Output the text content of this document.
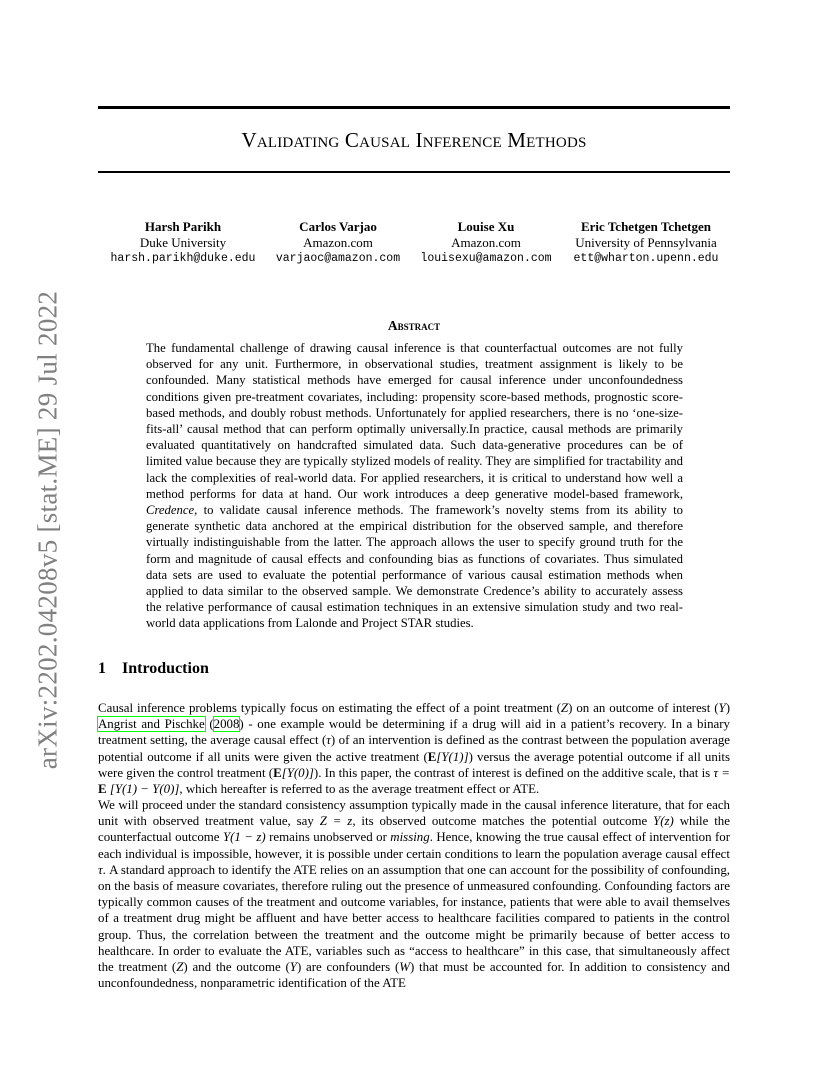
Validating Causal Inference Methods
Harsh Parikh
Duke University
harsh.parikh@duke.edu
Carlos Varjao
Amazon.com
varjaoc@amazon.com
Louise Xu
Amazon.com
louisexu@amazon.com
Eric Tchetgen Tchetgen
University of Pennsylvania
ett@wharton.upenn.edu
arXiv:2202.04208v5 [stat.ME] 29 Jul 2022	Abstract
The fundamental challenge of drawing causal inference is that counterfactual outcomes are not fully observed for any unit. Furthermore, in observational studies, treatment assignment is likely to be confounded. Many statistical methods have emerged for causal inference under unconfoundedness conditions given pre-treatment covariates, including: propensity score-based methods, prognostic score-based methods, and doubly robust methods. Unfortunately for applied researchers, there is no ‘one-size-fits-all’ causal method that can perform optimally universally.In practice, causal methods are primarily evaluated quantitatively on handcrafted simulated data. Such data-generative procedures can be of limited value because they are typically stylized models of reality. They are simplified for tractability and lack the complexities of real-world data. For applied researchers, it is critical to understand how well a method performs for data at hand. Our work introduces a deep generative model-based framework, Credence, to validate causal inference methods. The framework’s novelty stems from its ability to generate synthetic data anchored at the empirical distribution for the observed sample, and therefore virtually indistinguishable from the latter. The approach allows the user to specify ground truth for the form and magnitude of causal effects and confounding bias as functions of covariates. Thus simulated data sets are used to evaluate the potential performance of various causal estimation methods when applied to data similar to the observed sample. We demonstrate Credence’s ability to accurately assess the relative performance of causal estimation techniques in an extensive simulation study and two real-world data applications from Lalonde and Project STAR studies.
1 Introduction

Causal inference problems typically focus on estimating the effect of a point treatment (Z) on an outcome of interest (Y) Angrist and Pischke (2008) - one example would be determining if a drug will aid in a patient’s recovery. In a binary treatment setting, the average causal effect (τ) of an intervention is defined as the contrast between the population average potential outcome if all units were given the active treatment (E[Y(1)]) versus the average potential outcome if all units were given the control treatment (E[Y(0)]). In this paper, the contrast of interest is defined on the additive scale, that is τ = E [Y(1) − Y(0)], which hereafter is referred to as the average treatment effect or ATE.

We will proceed under the standard consistency assumption typically made in the causal inference literature, that for each unit with observed treatment value, say Z = z, its observed outcome matches the potential outcome Y(z) while the counterfactual outcome Y(1 − z) remains unobserved or missing. Hence, knowing the true causal effect of intervention for each individual is impossible, however, it is possible under certain conditions to learn the population average causal effect τ. A standard approach to identify the ATE relies on an assumption that one can account for the possibility of confounding, on the basis of measure covariates, therefore ruling out the presence of unmeasured confounding. Confounding factors are typically common causes of the treatment and outcome variables, for instance, patients that were able to avail themselves of a treatment drug might be affluent and have better access to healthcare facilities compared to patients in the control group. Thus, the correlation between the treatment and the outcome might be primarily because of better access to healthcare. In order to evaluate the ATE, variables such as “access to healthcare” in this case, that simultaneously affect the treatment (Z) and the outcome (Y) are confounders (W) that must be accounted for. In addition to consistency and unconfoundedness, nonparametric identification of the ATE
